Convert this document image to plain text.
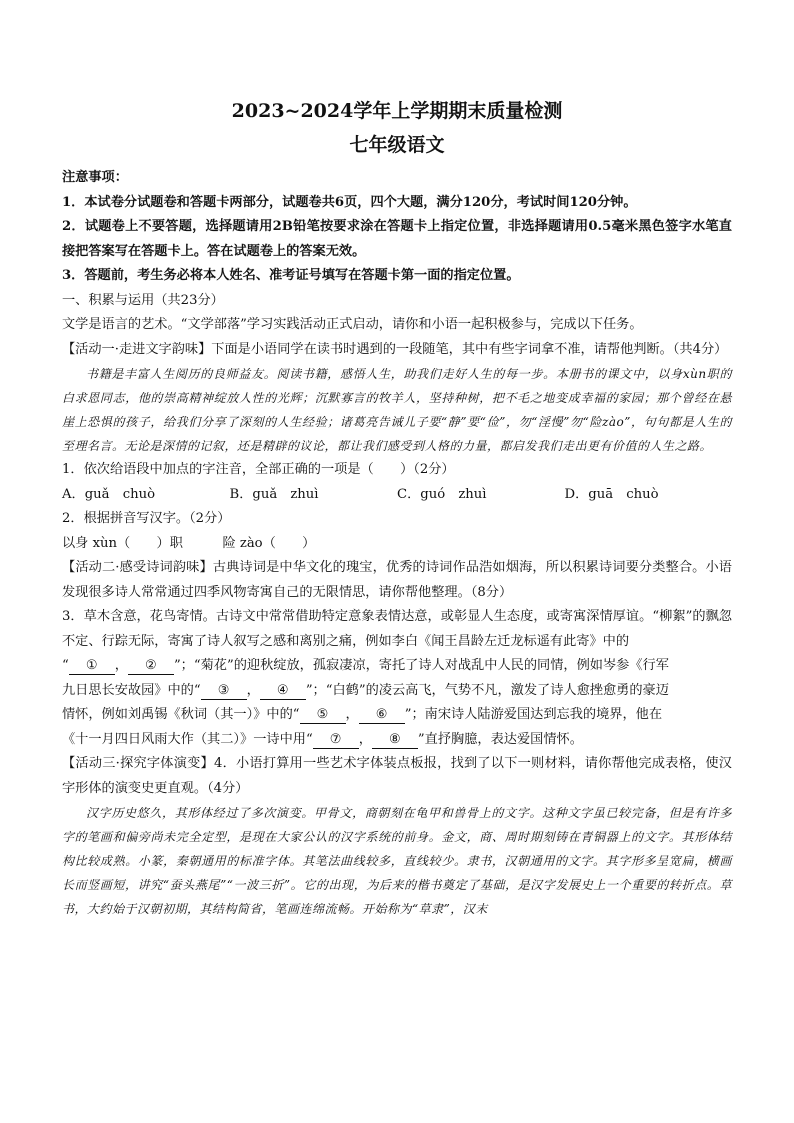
2023~2024学年上学期期末质量检测
七年级语文

注意事项：

1．本试卷分试题卷和答题卡两部分，试题卷共6页，四个大题，满分120分，考试时间120分钟。

2．试题卷上不要答题，选择题请用2B铅笔按要求涂在答题卡上指定位置，非选择题请用0.5毫米黑色签字水笔直接把答案写在答题卡上。答在试题卷上的答案无效。

3．答题前，考生务必将本人姓名、准考证号填写在答题卡第一面的指定位置。

一、积累与运用（共23分）

文学是语言的艺术。“文学部落”学习实践活动正式启动，请你和小语一起积极参与，完成以下任务。

【活动一·走进文字韵味】下面是小语同学在读书时遇到的一段随笔，其中有些字词拿不准，请帮他判断。（共4分）

书籍是丰富人生阅历的良师益友。阅读书籍，感悟人生，助我们走好人生的每一步。本册书的课文中，以身xùn职的白求恩同志，他的崇高精神绽放人性的光辉；沉默寡言的牧羊人，坚持种树，把不毛之地变成幸福的家园；那个曾经在悬崖上恐惧的孩子，给我们分享了深刻的人生经验；诸葛亮告诫儿子要“静”要“俭”，勿“淫慢”勿“险zào”，句句都是人生的至理名言。无论是深情的记叙，还是精辟的议论，都让我们感受到人格的力量，都启发我们走出更有价值的人生之路。

1．依次给语段中加点的字注音，全部正确的一项是（　　）（2分）

A．guǎ　chuò	B．guǎ　zhuì	C．guó　zhuì	D．guā　chuò

2．根据拼音写汉字。（2分）

以身 xùn（　　）职　　　险 zào（　　）

【活动二·感受诗词韵味】古典诗词是中华文化的瑰宝，优秀的诗词作品浩如烟海，所以积累诗词要分类整合。小语发现很多诗人常常通过四季风物寄寓自己的无限情思，请你帮他整理。（8分）

3．草木含意，花鸟寄情。古诗文中常常借助特定意象表情达意，或彰显人生态度，或寄寓深情厚谊。“柳絮”的飘忽不定、行踪无际，寄寓了诗人叙写之感和离别之痛，例如李白《闻王昌龄左迁龙标遥有此寄》中的
“ ① ， ② ”；“菊花”的迎秋绽放，孤寂凄凉，寄托了诗人对战乱中人民的同情，例如岑参《行军
九日思长安故园》中的“ ③ ， ④ ”；“白鹤”的凌云高飞，气势不凡，激发了诗人愈挫愈勇的豪迈
情怀，例如刘禹锡《秋词（其一）》中的“ ⑤ ， ⑥ ”；南宋诗人陆游爱国达到忘我的境界，他在
《十一月四日风雨大作（其二）》一诗中用“ ⑦ ， ⑧ ”直抒胸臆，表达爱国情怀。

【活动三·探究字体演变】4．小语打算用一些艺术字体装点板报，找到了以下一则材料，请你帮他完成表格，使汉字形体的演变史更直观。（4分）

汉字历史悠久，其形体经过了多次演变。甲骨文，商朝刻在龟甲和兽骨上的文字。这种文字虽已较完备，但是有许多字的笔画和偏旁尚未完全定型，是现在大家公认的汉字系统的前身。金文，商、周时期刻铸在青铜器上的文字。其形体结构比较成熟。小篆，秦朝通用的标准字体。其笔法曲线较多，直线较少。隶书，汉朝通用的文字。其字形多呈宽扁，横画长而竖画短，讲究“蚕头燕尾”“一波三折”。它的出现，为后来的楷书奠定了基础，是汉字发展史上一个重要的转折点。草书，大约始于汉朝初期，其结构简省，笔画连绵流畅。开始称为“草隶”，汉末
